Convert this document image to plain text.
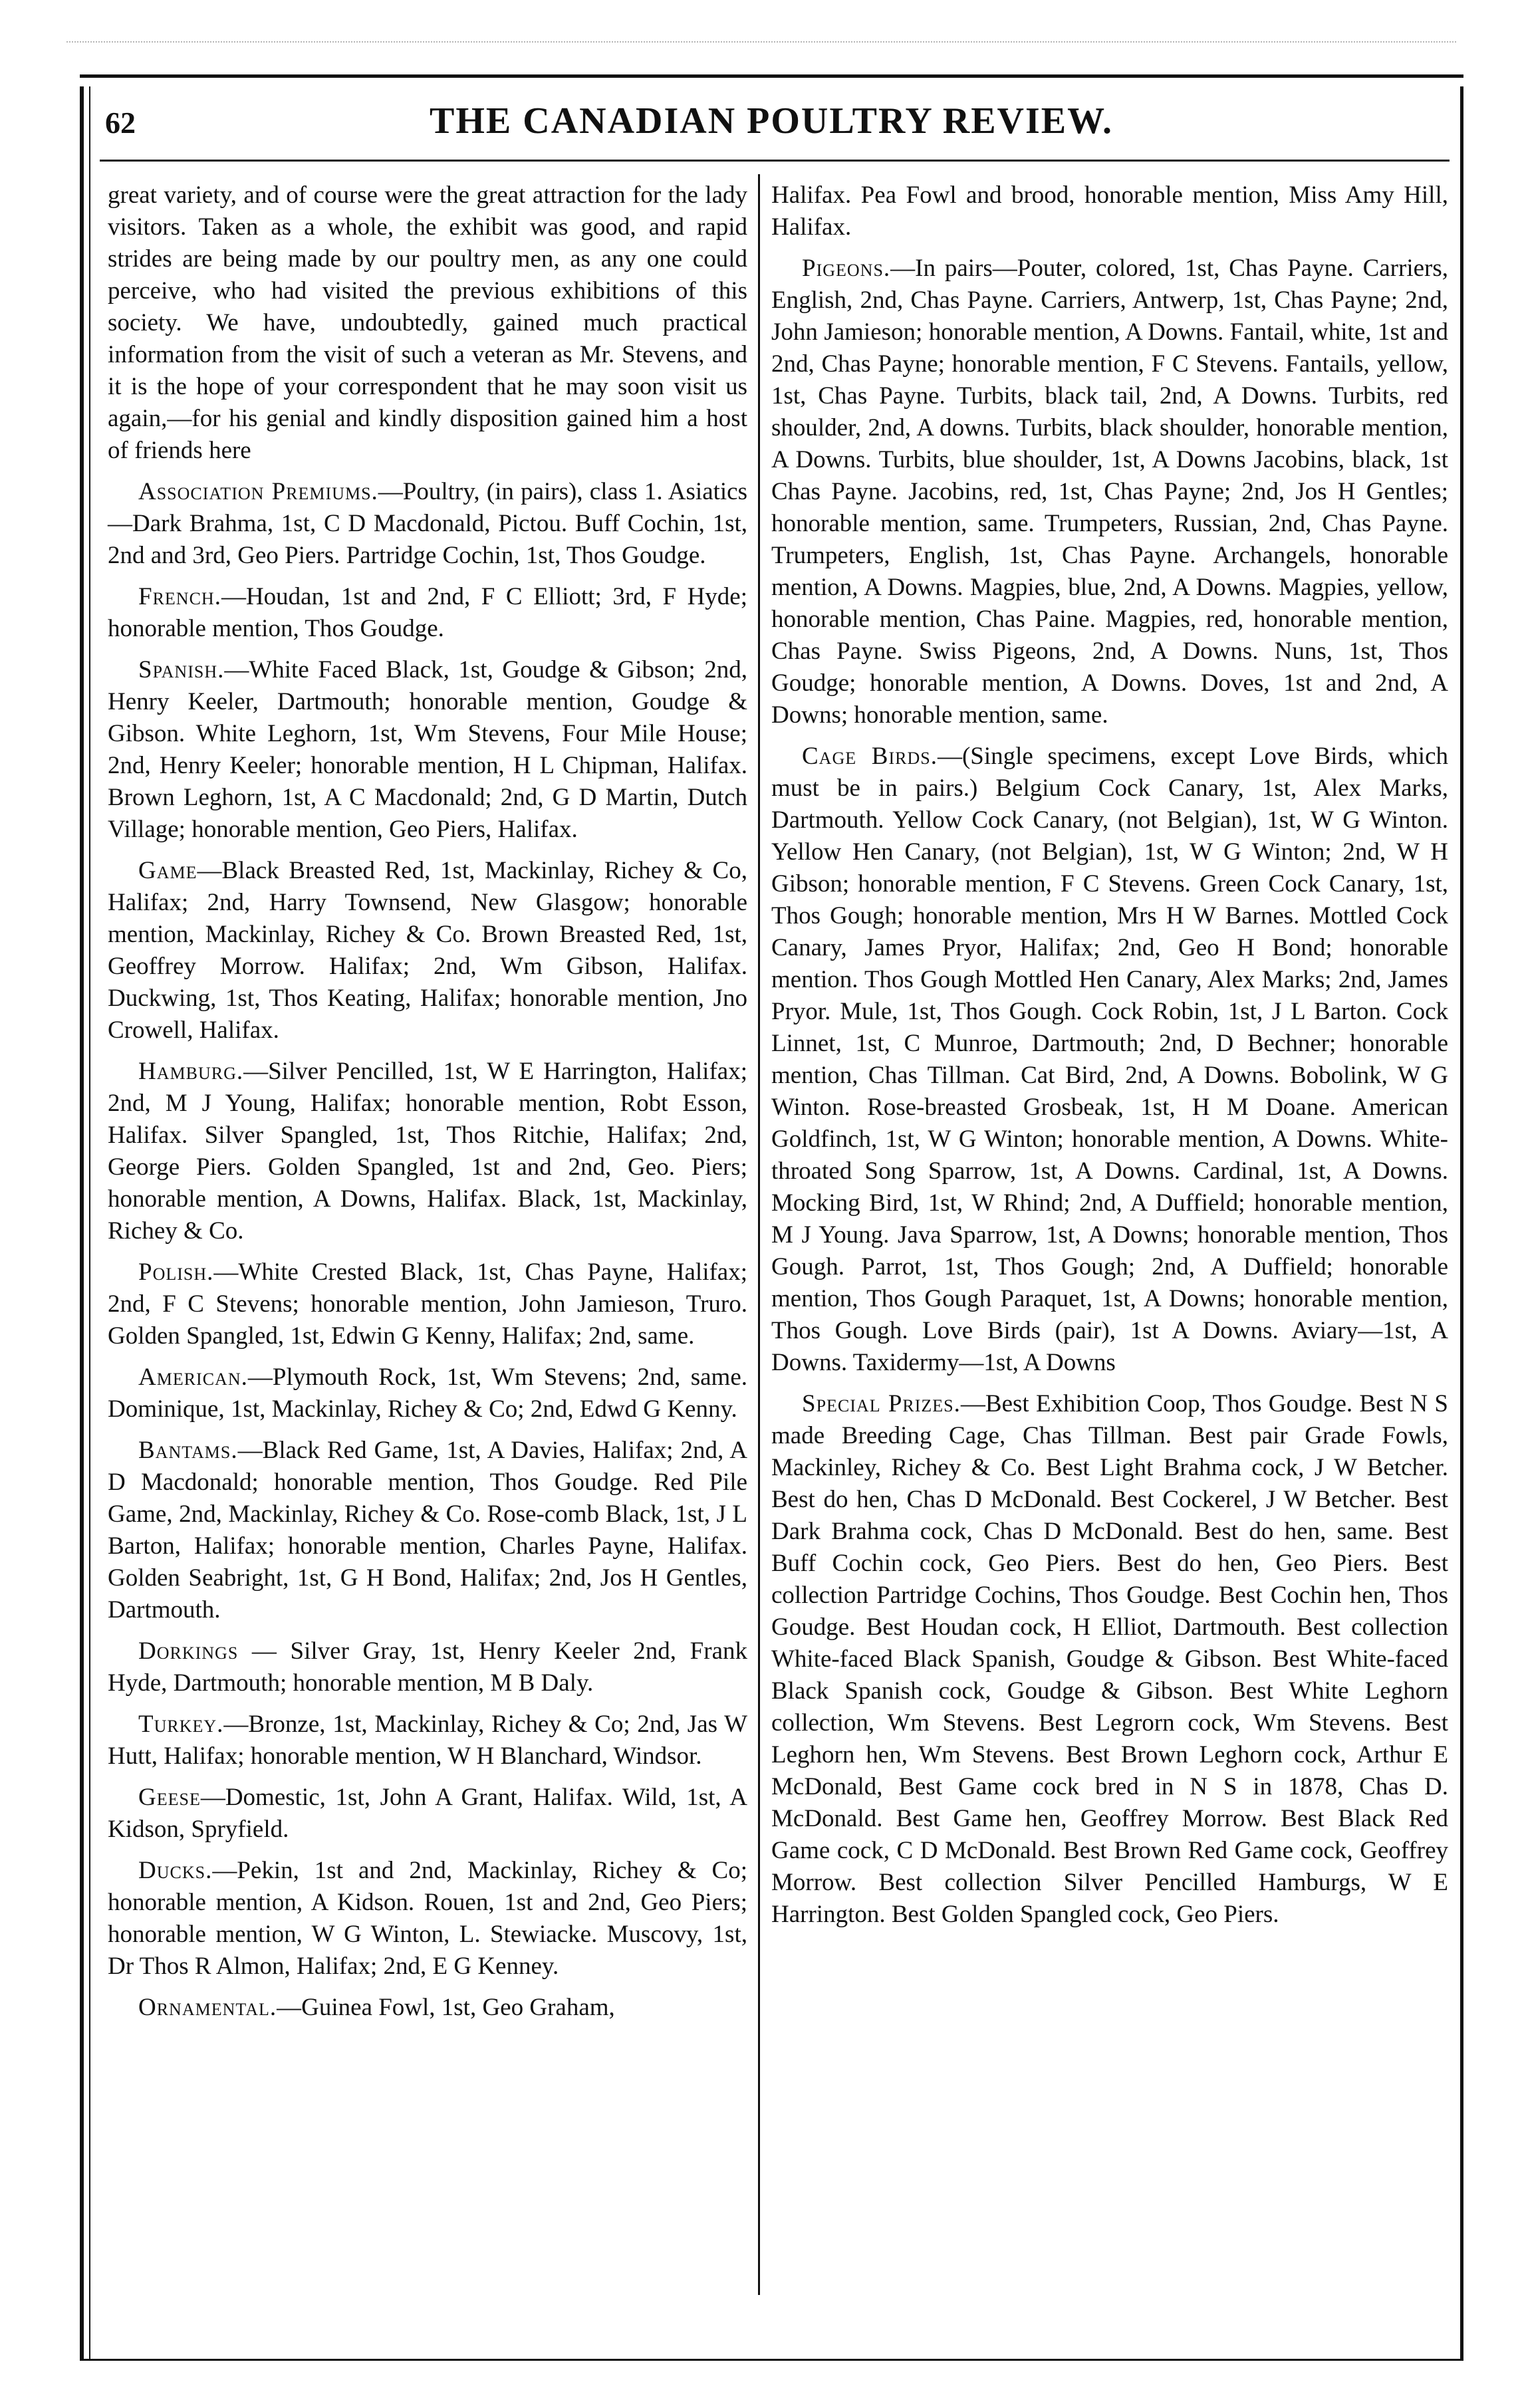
62	THE CANADIAN POULTRY REVIEW.

great variety, and of course were the great attraction for the lady visitors. Taken as a whole, the exhibit was good, and rapid strides are being made by our poultry men, as any one could perceive, who had visited the previous exhibitions of this society. We have, undoubtedly, gained much practical information from the visit of such a veteran as Mr. Stevens, and it is the hope of your correspondent that he may soon visit us again,—for his genial and kindly disposition gained him a host of friends here

Association Premiums.—Poultry, (in pairs), class 1. Asiatics—Dark Brahma, 1st, C D Macdonald, Pictou. Buff Cochin, 1st, 2nd and 3rd, Geo Piers. Partridge Cochin, 1st, Thos Goudge.

French.—Houdan, 1st and 2nd, F C Elliott; 3rd, F Hyde; honorable mention, Thos Goudge.

Spanish.—White Faced Black, 1st, Goudge & Gibson; 2nd, Henry Keeler, Dartmouth; honorable mention, Goudge & Gibson. White Leghorn, 1st, Wm Stevens, Four Mile House; 2nd, Henry Keeler; honorable mention, H L Chipman, Halifax. Brown Leghorn, 1st, A C Macdonald; 2nd, G D Martin, Dutch Village; honorable mention, Geo Piers, Halifax.

Game—Black Breasted Red, 1st, Mackinlay, Richey & Co, Halifax; 2nd, Harry Townsend, New Glasgow; honorable mention, Mackinlay, Richey & Co. Brown Breasted Red, 1st, Geoffrey Morrow. Halifax; 2nd, Wm Gibson, Halifax. Duckwing, 1st, Thos Keating, Halifax; honorable mention, Jno Crowell, Halifax.

Hamburg.—Silver Pencilled, 1st, W E Harrington, Halifax; 2nd, M J Young, Halifax; honorable mention, Robt Esson, Halifax. Silver Spangled, 1st, Thos Ritchie, Halifax; 2nd, George Piers. Golden Spangled, 1st and 2nd, Geo. Piers; honorable mention, A Downs, Halifax. Black, 1st, Mackinlay, Richey & Co.

Polish.—White Crested Black, 1st, Chas Payne, Halifax; 2nd, F C Stevens; honorable mention, John Jamieson, Truro. Golden Spangled, 1st, Edwin G Kenny, Halifax; 2nd, same.

American.—Plymouth Rock, 1st, Wm Stevens; 2nd, same. Dominique, 1st, Mackinlay, Richey & Co; 2nd, Edwd G Kenny.

Bantams.—Black Red Game, 1st, A Davies, Halifax; 2nd, A D Macdonald; honorable mention, Thos Goudge. Red Pile Game, 2nd, Mackinlay, Richey & Co. Rose-comb Black, 1st, J L Barton, Halifax; honorable mention, Charles Payne, Halifax. Golden Seabright, 1st, G H Bond, Halifax; 2nd, Jos H Gentles, Dartmouth.

Dorkings — Silver Gray, 1st, Henry Keeler 2nd, Frank Hyde, Dartmouth; honorable mention, M B Daly.

Turkey.—Bronze, 1st, Mackinlay, Richey & Co; 2nd, Jas W Hutt, Halifax; honorable mention, W H Blanchard, Windsor.

Geese—Domestic, 1st, John A Grant, Halifax. Wild, 1st, A Kidson, Spryfield.

Ducks.—Pekin, 1st and 2nd, Mackinlay, Richey & Co; honorable mention, A Kidson. Rouen, 1st and 2nd, Geo Piers; honorable mention, W G Winton, L. Stewiacke. Muscovy, 1st, Dr Thos R Almon, Halifax; 2nd, E G Kenney.

Ornamental.—Guinea Fowl, 1st, Geo Graham,

Halifax. Pea Fowl and brood, honorable mention, Miss Amy Hill, Halifax.

Pigeons.—In pairs—Pouter, colored, 1st, Chas Payne. Carriers, English, 2nd, Chas Payne. Carriers, Antwerp, 1st, Chas Payne; 2nd, John Jamieson; honorable mention, A Downs. Fantail, white, 1st and 2nd, Chas Payne; honorable mention, F C Stevens. Fantails, yellow, 1st, Chas Payne. Turbits, black tail, 2nd, A Downs. Turbits, red shoulder, 2nd, A downs. Turbits, black shoulder, honorable mention, A Downs. Turbits, blue shoulder, 1st, A Downs Jacobins, black, 1st Chas Payne. Jacobins, red, 1st, Chas Payne; 2nd, Jos H Gentles; honorable mention, same. Trumpeters, Russian, 2nd, Chas Payne. Trumpeters, English, 1st, Chas Payne. Archangels, honorable mention, A Downs. Magpies, blue, 2nd, A Downs. Magpies, yellow, honorable mention, Chas Paine. Magpies, red, honorable mention, Chas Payne. Swiss Pigeons, 2nd, A Downs. Nuns, 1st, Thos Goudge; honorable mention, A Downs. Doves, 1st and 2nd, A Downs; honorable mention, same.

Cage Birds.—(Single specimens, except Love Birds, which must be in pairs.) Belgium Cock Canary, 1st, Alex Marks, Dartmouth. Yellow Cock Canary, (not Belgian), 1st, W G Winton. Yellow Hen Canary, (not Belgian), 1st, W G Winton; 2nd, W H Gibson; honorable mention, F C Stevens. Green Cock Canary, 1st, Thos Gough; honorable mention, Mrs H W Barnes. Mottled Cock Canary, James Pryor, Halifax; 2nd, Geo H Bond; honorable mention. Thos Gough Mottled Hen Canary, Alex Marks; 2nd, James Pryor. Mule, 1st, Thos Gough. Cock Robin, 1st, J L Barton. Cock Linnet, 1st, C Munroe, Dartmouth; 2nd, D Bechner; honorable mention, Chas Tillman. Cat Bird, 2nd, A Downs. Bobolink, W G Winton. Rose-breasted Grosbeak, 1st, H M Doane. American Goldfinch, 1st, W G Winton; honorable mention, A Downs. White-throated Song Sparrow, 1st, A Downs. Cardinal, 1st, A Downs. Mocking Bird, 1st, W Rhind; 2nd, A Duffield; honorable mention, M J Young. Java Sparrow, 1st, A Downs; honorable mention, Thos Gough. Parrot, 1st, Thos Gough; 2nd, A Duffield; honorable mention, Thos Gough Paraquet, 1st, A Downs; honorable mention, Thos Gough. Love Birds (pair), 1st A Downs. Aviary—1st, A Downs. Taxidermy—1st, A Downs

Special Prizes.—Best Exhibition Coop, Thos Goudge. Best N S made Breeding Cage, Chas Tillman. Best pair Grade Fowls, Mackinley, Richey & Co. Best Light Brahma cock, J W Betcher. Best do hen, Chas D McDonald. Best Cockerel, J W Betcher. Best Dark Brahma cock, Chas D McDonald. Best do hen, same. Best Buff Cochin cock, Geo Piers. Best do hen, Geo Piers. Best collection Partridge Cochins, Thos Goudge. Best Cochin hen, Thos Goudge. Best Houdan cock, H Elliot, Dartmouth. Best collection White-faced Black Spanish, Goudge & Gibson. Best White-faced Black Spanish cock, Goudge & Gibson. Best White Leghorn collection, Wm Stevens. Best Legrorn cock, Wm Stevens. Best Leghorn hen, Wm Stevens. Best Brown Leghorn cock, Arthur E McDonald, Best Game cock bred in N S in 1878, Chas D. McDonald. Best Game hen, Geoffrey Morrow. Best Black Red Game cock, C D McDonald. Best Brown Red Game cock, Geoffrey Morrow. Best collection Silver Pencilled Hamburgs, W E Harrington. Best Golden Spangled cock, Geo Piers.
